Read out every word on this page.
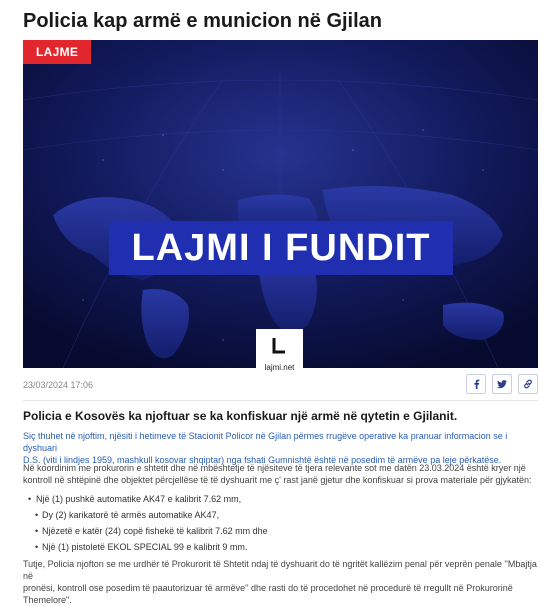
Policia kap armë e municion në Gjilan
LAJME
LAJMI I FUNDIT
lajmi.net
Më afër lexuesit.
23/03/2024 17:06
Policia e Kosovës ka njoftuar se ka konfiskuar një armë në qytetin e Gjilanit.
Siç thuhet në njoftim, njësiti i hetimeve të Stacionit Policor në Gjilan përmes rrugëve operative ka pranuar informacion se i dyshuari
D.S. (viti i lindjes 1959, mashkull kosovar shqiptar) nga fshati Gumnishtë është në posedim të armëve pa leje përkatëse.
Në koordinim me prokurorin e shtetit dhe në mbështetje të njësiteve të tjera relevante sot me datën 23.03.2024 është kryer një
kontroll në shtëpinë dhe objektet përcjellëse të të dyshuarit me ç' rast janë gjetur dhe konfiskuar si prova materiale për gjykatën:
• Një (1) pushkë automatike AK47 e kalibrit 7.62 mm,
• Dy (2) karikatorë të armës automatike AK47,
• Njëzetë e katër (24) copë fishekë të kalibrit 7.62 mm dhe
• Një (1) pistoletë EKOL SPECIAL 99 e kalibrit 9 mm.
Tutje, Policia njofton se me urdhër të Prokurorit të Shtetit ndaj të dyshuarit do të ngritët kallëzim penal për veprën penale ''Mbajtja në
pronësi, kontroll ose posedim të paautorizuar të armëve'' dhe rasti do të procedohet në procedurë të rregullt në Prokurorinë
Themelore".
